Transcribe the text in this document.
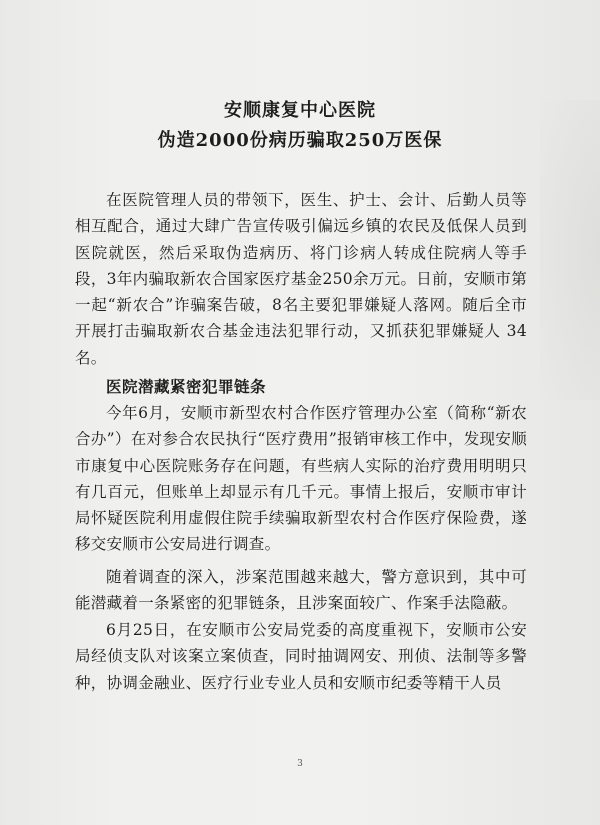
安顺康复中心医院
伪造2000份病历骗取250万医保

在医院管理人员的带领下，医生、护士、会计、后勤人员等相互配合，通过大肆广告宣传吸引偏远乡镇的农民及低保人员到医院就医，然后采取伪造病历、将门诊病人转成住院病人等手段，3年内骗取新农合国家医疗基金250余万元。日前，安顺市第一起“新农合”诈骗案告破，8名主要犯罪嫌疑人落网。随后全市开展打击骗取新农合基金违法犯罪行动，又抓获犯罪嫌疑人 34名。

医院潜藏紧密犯罪链条

今年6月，安顺市新型农村合作医疗管理办公室（简称“新农合办”）在对参合农民执行“医疗费用”报销审核工作中，发现安顺市康复中心医院账务存在问题，有些病人实际的治疗费用明明只有几百元，但账单上却显示有几千元。事情上报后，安顺市审计局怀疑医院利用虚假住院手续骗取新型农村合作医疗保险费，遂移交安顺市公安局进行调查。

随着调查的深入，涉案范围越来越大，警方意识到，其中可能潜藏着一条紧密的犯罪链条，且涉案面较广、作案手法隐蔽。

6月25日，在安顺市公安局党委的高度重视下，安顺市公安局经侦支队对该案立案侦查，同时抽调网安、刑侦、法制等多警种，协调金融业、医疗行业专业人员和安顺市纪委等精干人员

3
